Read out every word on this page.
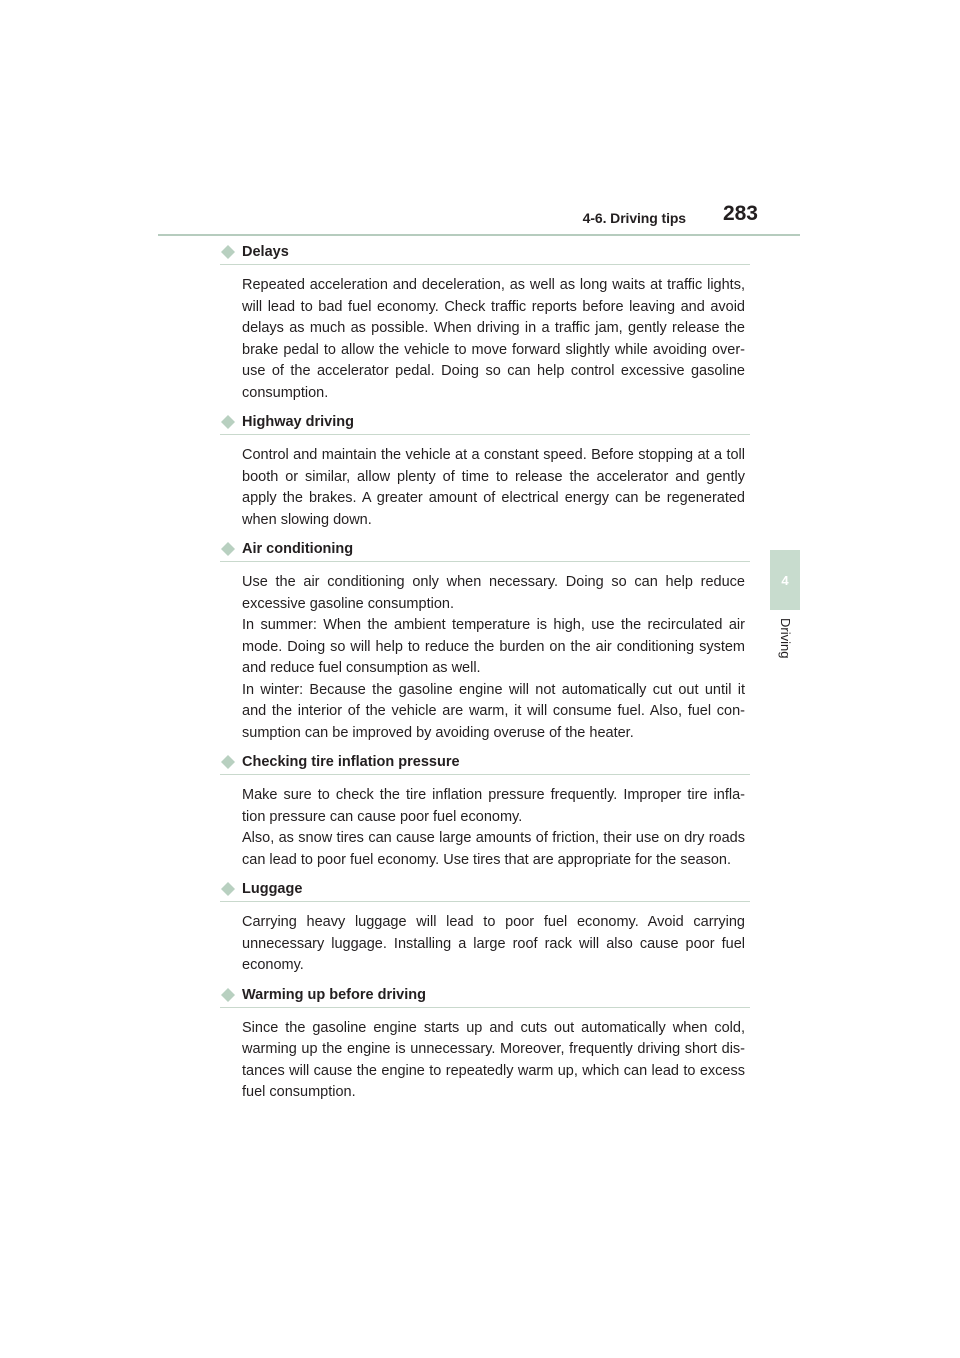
4-6. Driving tips 283
4
Driving
Delays
Repeated acceleration and deceleration, as well as long waits at traffic lights, will lead to bad fuel economy. Check traffic reports before leaving and avoid delays as much as possible. When driving in a traffic jam, gently release the brake pedal to allow the vehicle to move forward slightly while avoiding over-use of the accelerator pedal. Doing so can help control excessive gasoline consumption.
Highway driving
Control and maintain the vehicle at a constant speed. Before stopping at a toll booth or similar, allow plenty of time to release the accelerator and gently apply the brakes. A greater amount of electrical energy can be regenerated when slowing down.
Air conditioning
Use the air conditioning only when necessary. Doing so can help reduce excessive gasoline consumption.
In summer: When the ambient temperature is high, use the recirculated air mode. Doing so will help to reduce the burden on the air conditioning system and reduce fuel consumption as well.
In winter: Because the gasoline engine will not automatically cut out until it and the interior of the vehicle are warm, it will consume fuel. Also, fuel con-sumption can be improved by avoiding overuse of the heater.
Checking tire inflation pressure
Make sure to check the tire inflation pressure frequently. Improper tire infla-tion pressure can cause poor fuel economy.
Also, as snow tires can cause large amounts of friction, their use on dry roads can lead to poor fuel economy. Use tires that are appropriate for the season.
Luggage
Carrying heavy luggage will lead to poor fuel economy. Avoid carrying unnecessary luggage. Installing a large roof rack will also cause poor fuel economy.
Warming up before driving
Since the gasoline engine starts up and cuts out automatically when cold, warming up the engine is unnecessary. Moreover, frequently driving short dis-tances will cause the engine to repeatedly warm up, which can lead to excess fuel consumption.
